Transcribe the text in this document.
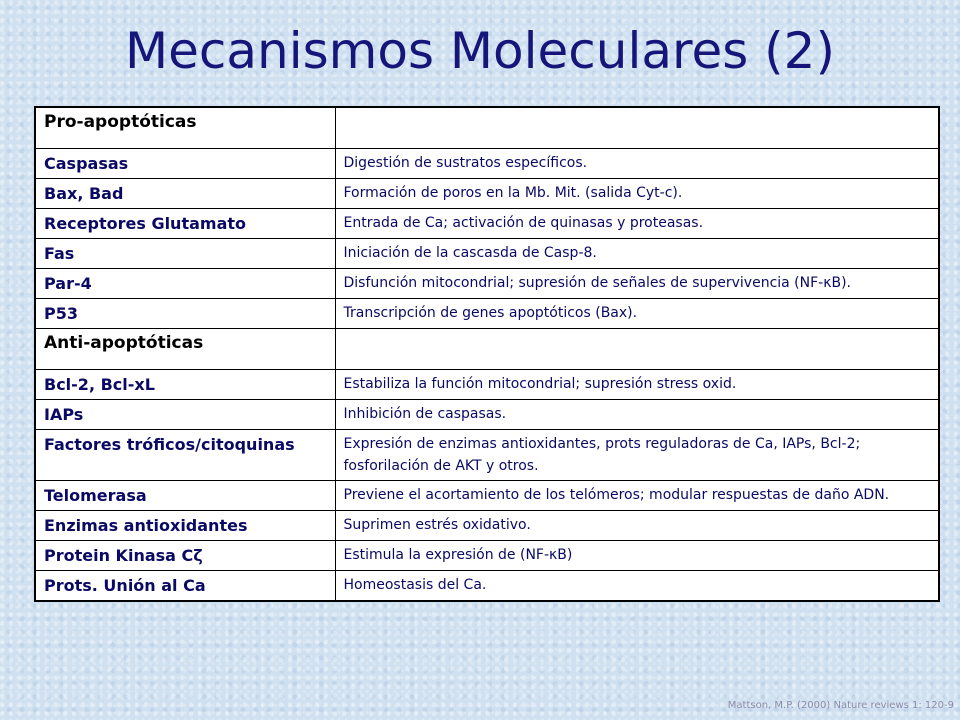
Mecanismos Moleculares (2)
Pro-apoptóticas	
Caspasas	Digestión de sustratos específicos.
Bax, Bad	Formación de poros en la Mb. Mit. (salida Cyt-c).
Receptores Glutamato	Entrada de Ca; activación de quinasas y proteasas.
Fas	Iniciación de la cascasda de Casp-8.
Par-4	Disfunción mitocondrial; supresión de señales de supervivencia (NF-κB).
P53	Transcripción de genes apoptóticos (Bax).
Anti-apoptóticas	
Bcl-2, Bcl-xL	Estabiliza la función mitocondrial; supresión stress oxid.
IAPs	Inhibición de caspasas.
Factores tróficos/citoquinas	Expresión de enzimas antioxidantes, prots reguladoras de Ca, IAPs, Bcl-2; fosforilación de AKT y otros.
Telomerasa	Previene el acortamiento de los telómeros; modular respuestas de daño ADN.
Enzimas antioxidantes	Suprimen estrés oxidativo.
Protein Kinasa Cζ	Estimula la expresión de (NF-κB)
Prots. Unión al Ca	Homeostasis del Ca.
Mattson, M.P. (2000) Nature reviews 1: 120-9
